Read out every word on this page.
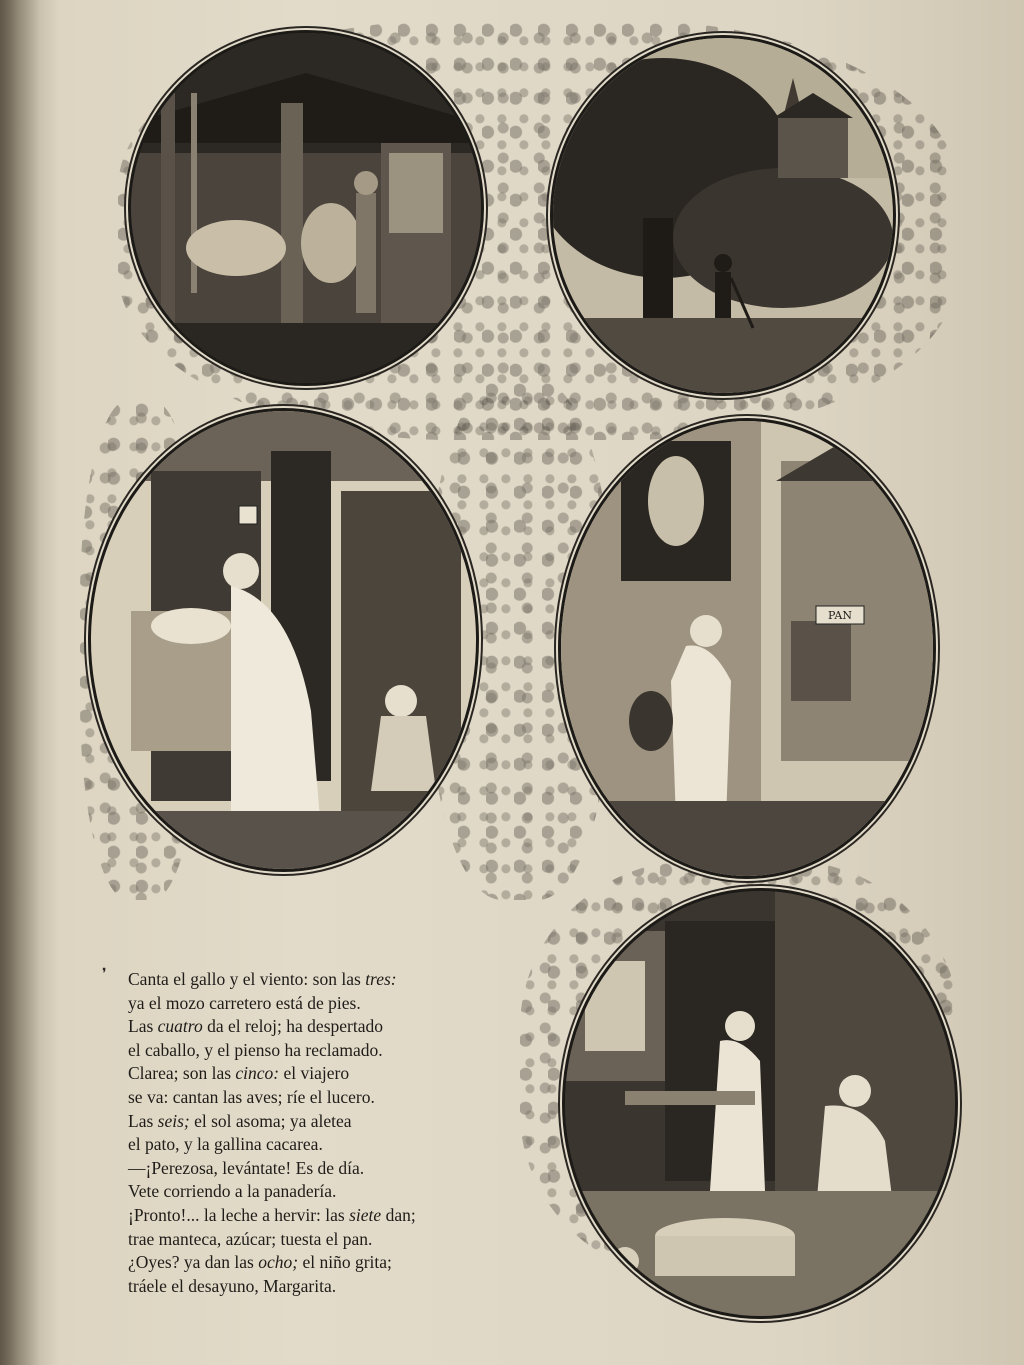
PAN
❜ Canta el gallo y el viento: son las tres:
ya el mozo carretero está de pies.
Las cuatro da el reloj; ha despertado
el caballo, y el pienso ha reclamado.
Clarea; son las cinco: el viajero
se va: cantan las aves; ríe el lucero.
Las seis; el sol asoma; ya aletea
el pato, y la gallina cacarea.
—¡Perezosa, levántate! Es de día.
Vete corriendo a la panadería.
¡Pronto!... la leche a hervir: las siete dan;
trae manteca, azúcar; tuesta el pan.
¿Oyes? ya dan las ocho; el niño grita;
tráele el desayuno, Margarita.
